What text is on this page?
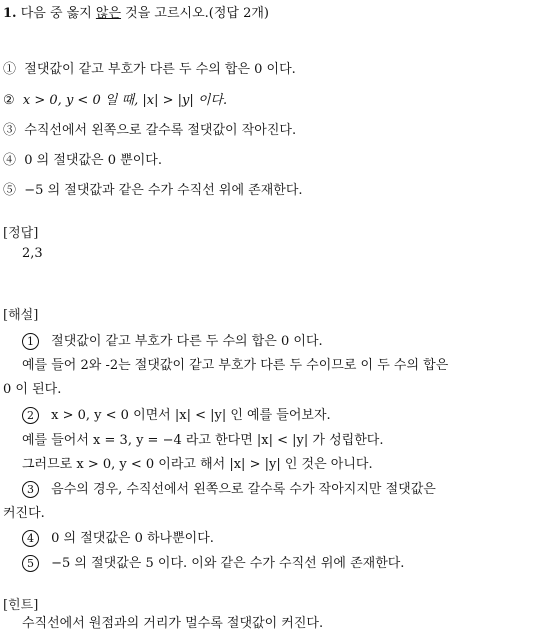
1. 다음 중 옳지 않은 것을 고르시오.(정답 2개)
① 절댓값이 같고 부호가 다른 두 수의 합은 0 이다.
② x > 0, y < 0 일 때, |x| > |y| 이다.
③ 수직선에서 왼쪽으로 갈수록 절댓값이 작아진다.
④ 0 의 절댓값은 0 뿐이다.
⑤ −5 의 절댓값과 같은 수가 수직선 위에 존재한다.
[정답]
2,3
[해설]
1 절댓값이 같고 부호가 다른 두 수의 합은 0 이다.
예를 들어 2와 -2는 절댓값이 같고 부호가 다른 두 수이므로 이 두 수의 합은
0 이 된다.
2 x > 0, y < 0 이면서 |x| < |y| 인 예를 들어보자.
예를 들어서 x = 3, y = −4 라고 한다면 |x| < |y| 가 성립한다.
그러므로 x > 0, y < 0 이라고 해서 |x| > |y| 인 것은 아니다.
3 음수의 경우, 수직선에서 왼쪽으로 갈수록 수가 작아지지만 절댓값은
커진다.
4 0 의 절댓값은 0 하나뿐이다.
5 −5 의 절댓값은 5 이다. 이와 같은 수가 수직선 위에 존재한다.
[힌트]
수직선에서 원점과의 거리가 멀수록 절댓값이 커진다.
